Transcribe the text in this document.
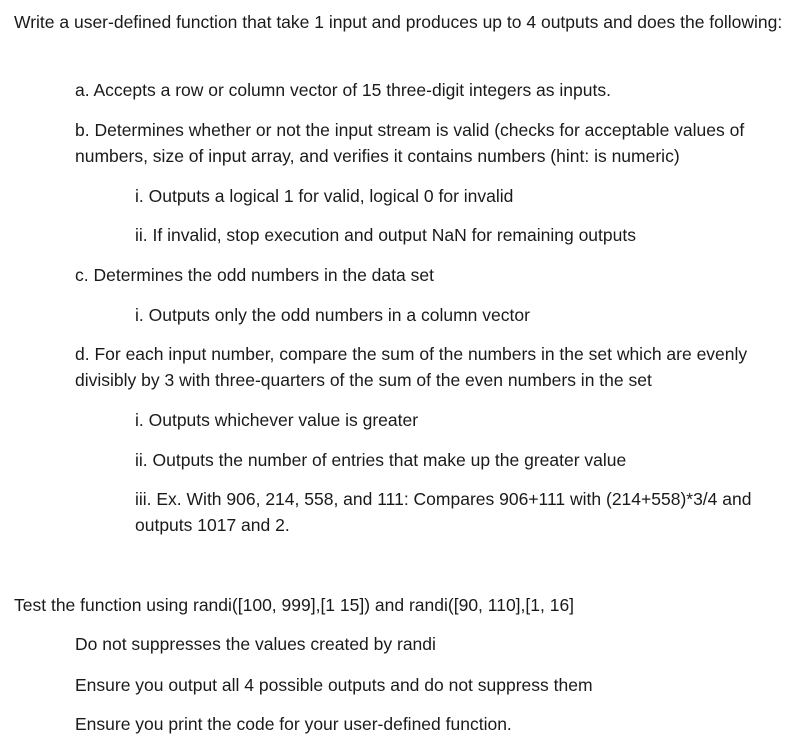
Write a user-defined function that take 1 input and produces up to 4 outputs and does the following:

a. Accepts a row or column vector of 15 three-digit integers as inputs.

b. Determines whether or not the input stream is valid (checks for acceptable values of numbers, size of input array, and verifies it contains numbers (hint: is numeric)

i. Outputs a logical 1 for valid, logical 0 for invalid

ii. If invalid, stop execution and output NaN for remaining outputs

c. Determines the odd numbers in the data set

i. Outputs only the odd numbers in a column vector

d. For each input number, compare the sum of the numbers in the set which are evenly divisibly by 3 with three-quarters of the sum of the even numbers in the set

i. Outputs whichever value is greater

ii. Outputs the number of entries that make up the greater value

iii. Ex. With 906, 214, 558, and 111: Compares 906+111 with (214+558)*3/4 and outputs 1017 and 2.

Test the function using randi([100, 999],[1 15]) and randi([90, 110],[1, 16]

Do not suppresses the values created by randi

Ensure you output all 4 possible outputs and do not suppress them

Ensure you print the code for your user-defined function.
